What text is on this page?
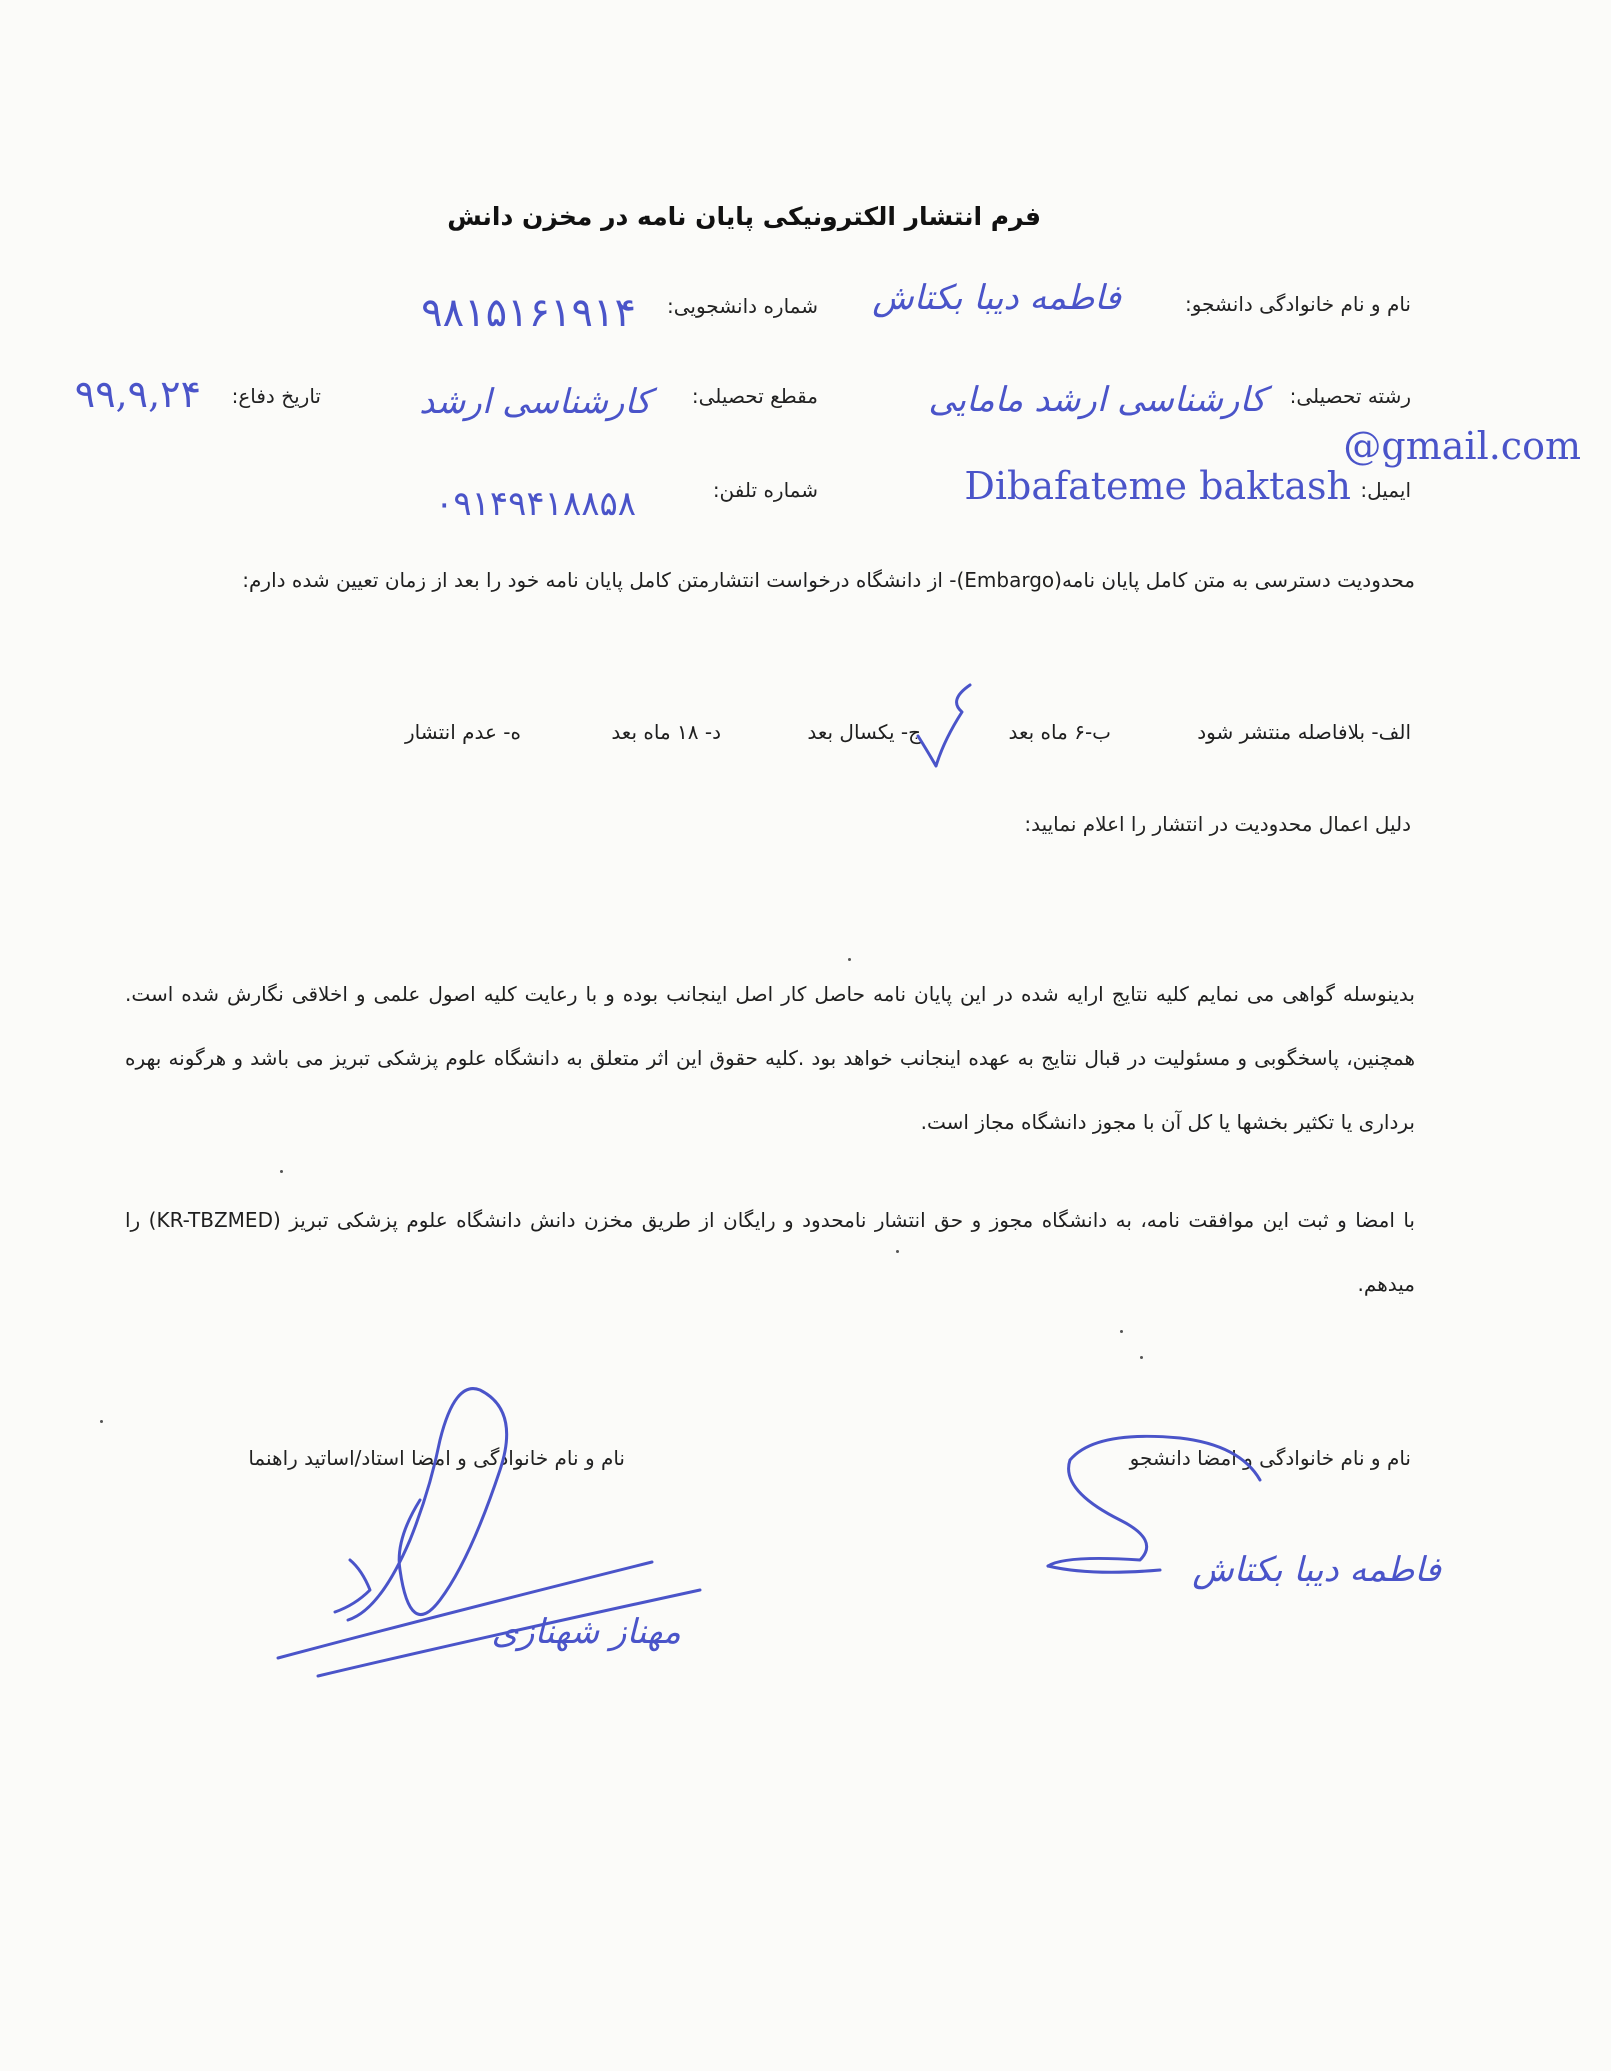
فرم انتشار الکترونیکی پایان نامه در مخزن دانش
نام و نام خانوادگی دانشجو:
فاطمه دیبا بکتاش
شماره دانشجویی:
۹۸۱۵۱۶۱۹۱۴
رشته تحصیلی:
کارشناسی ارشد مامایی
مقطع تحصیلی:
کارشناسی ارشد
تاریخ دفاع:
۹۹,۹,۲۴
ایمیل:
Dibafateme baktash
@gmail.com
شماره تلفن:
۰۹۱۴۹۴۱۸۸۵۸
محدودیت دسترسی به متن کامل پایان نامه(Embargo)- از دانشگاه درخواست انتشارمتن کامل پایان نامه خود را بعد از زمان تعیین شده دارم:
الف- بلافاصله منتشر شود
ب-۶ ماه بعد
ج- یکسال بعد
د- ۱۸ ماه بعد
ه- عدم انتشار
دلیل اعمال محدودیت در انتشار را اعلام نمایید:
بدینوسله گواهی می نمایم کلیه نتایج ارایه شده در این پایان نامه حاصل کار اصل اینجانب بوده و با رعایت کلیه اصول علمی و اخلاقی نگارش شده است. همچنین، پاسخگوبی و مسئولیت در قبال نتایج به عهده اینجانب خواهد بود .کلیه حقوق این اثر متعلق به دانشگاه علوم پزشکی تبریز می باشد و هرگونه بهره برداری یا تکثیر بخشها یا کل آن با مجوز دانشگاه مجاز است.
با امضا و ثبت این موافقت نامه، به دانشگاه مجوز و حق انتشار نامحدود و رایگان از طریق مخزن دانش دانشگاه علوم پزشکی تبریز (KR-TBZMED) را میدهم.
نام و نام خانوادگی و امضا دانشجو
نام و نام خانوادگی و امضا استاد/اساتید راهنما
فاطمه دیبا بکتاش
مهناز شهنازی
